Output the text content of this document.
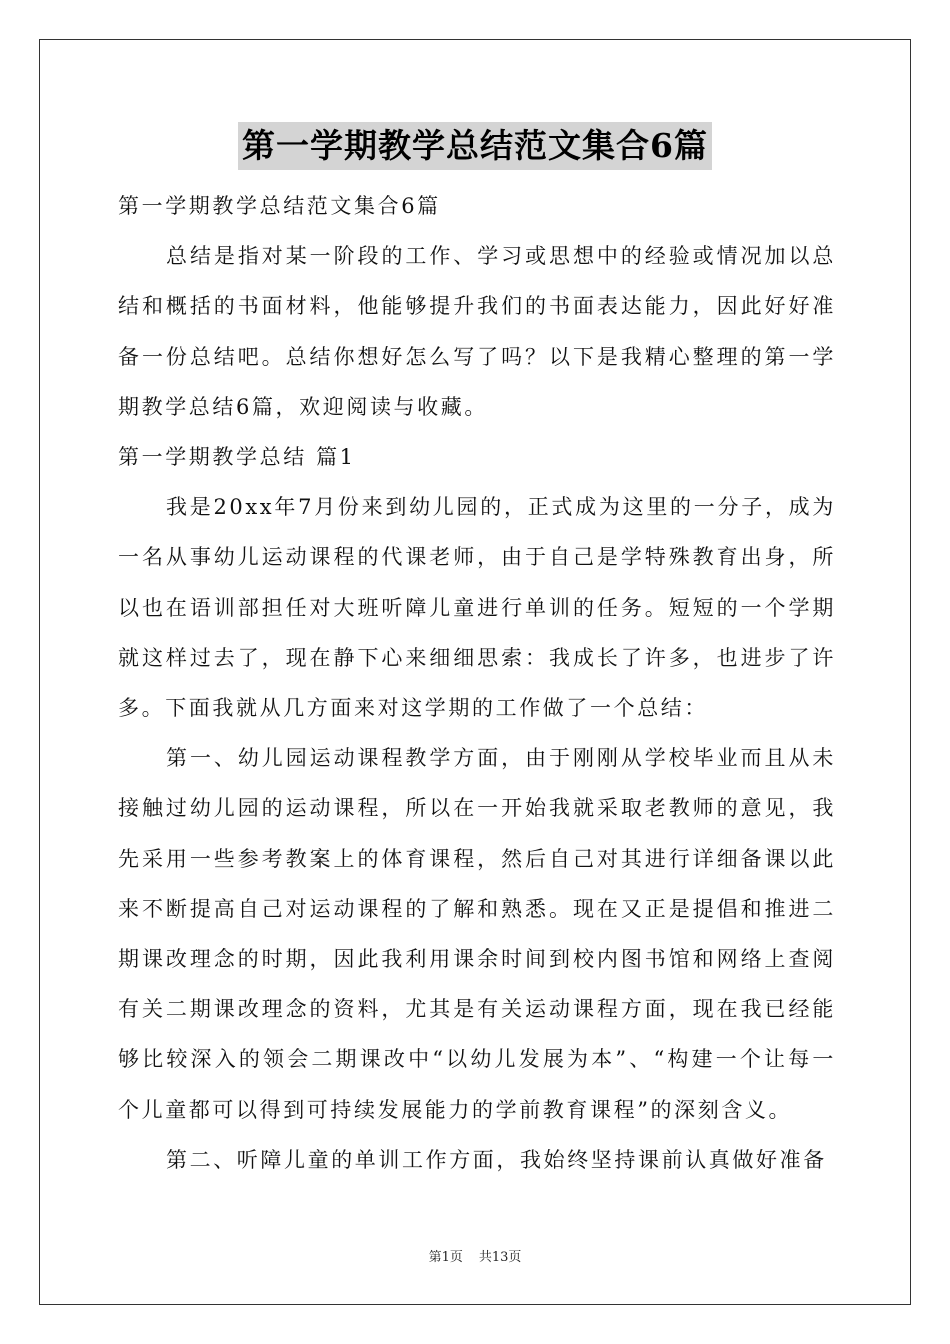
第一学期教学总结范文集合6篇

第一学期教学总结范文集合6篇

总结是指对某一阶段的工作、学习或思想中的经验或情况加以总结和概括的书面材料，他能够提升我们的书面表达能力，因此好好准备一份总结吧。总结你想好怎么写了吗？以下是我精心整理的第一学期教学总结6篇，欢迎阅读与收藏。

第一学期教学总结 篇1

我是20xx年7月份来到幼儿园的，正式成为这里的一分子，成为一名从事幼儿运动课程的代课老师，由于自己是学特殊教育出身，所以也在语训部担任对大班听障儿童进行单训的任务。短短的一个学期就这样过去了，现在静下心来细细思索：我成长了许多，也进步了许多。下面我就从几方面来对这学期的工作做了一个总结：

第一、幼儿园运动课程教学方面，由于刚刚从学校毕业而且从未接触过幼儿园的运动课程，所以在一开始我就采取老教师的意见，我先采用一些参考教案上的体育课程，然后自己对其进行详细备课以此来不断提高自己对运动课程的了解和熟悉。现在又正是提倡和推进二期课改理念的时期，因此我利用课余时间到校内图书馆和网络上查阅有关二期课改理念的资料，尤其是有关运动课程方面，现在我已经能够比较深入的领会二期课改中“以幼儿发展为本”、“构建一个让每一个儿童都可以得到可持续发展能力的学前教育课程”的深刻含义。

第二、听障儿童的单训工作方面，我始终坚持课前认真做好准备

第1页 共13页
